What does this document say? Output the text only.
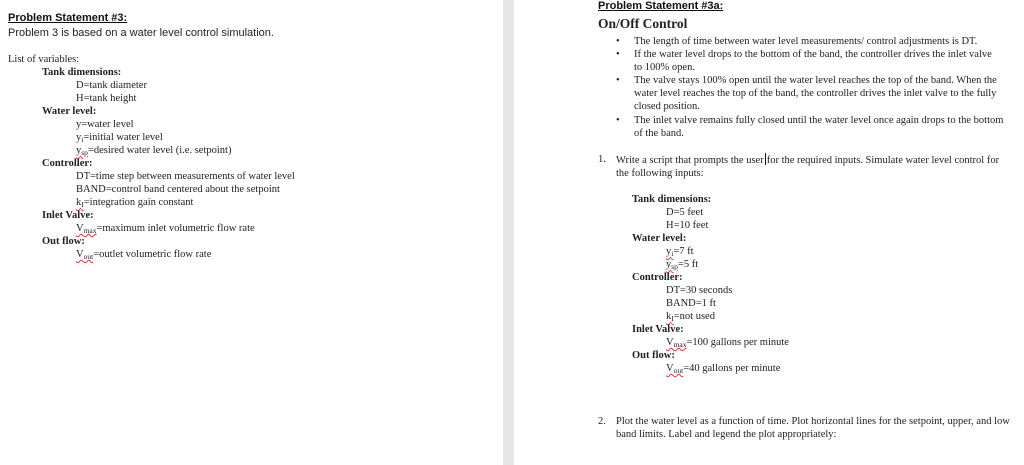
Problem Statement #3:
Problem 3 is based on a water level control simulation.
List of variables:
Tank dimensions:
D=tank diameter
H=tank height
Water level:
y=water level
$y_i=initial$ water level
$y_{sp}=desired$ water level (i.e. setpoint)
Controller:
DT=time step between measurements of water level
BAND=control band centered about the setpoint
$k_I=integration$ gain constant
Inlet Valve:
$V_{max}=maximum$ inlet volumetric flow rate
Out flow:
$V_{out}=outlet$ volumetric flow rate
Problem Statement #3a:
On/Off Control
• The length of time between water level measurements/ control adjustments is DT.
• If the water level drops to the bottom of the band, the controller drives the inlet valve to 100% open.
• The valve stays 100% open until the water level reaches the top of the band. When the water level reaches the top of the band, the controller drives the inlet valve to the fully closed position.
• The inlet valve remains fully closed until the water level once again drops to the bottom of the band.
1. Write a script that prompts the user for the required inputs. Simulate water level control for the following inputs:
Tank dimensions:
D=5 feet
H=10 feet
Water level:
$y_i=7$ ft
$y_{sp}=5$ ft
Controller:
DT=30 seconds
BAND=1 ft
$k_I=not$ used
Inlet Valve:
$V_{max}=100$ gallons per minute
Out flow:
$V_{out}=40$ gallons per minute
2. Plot the water level as a function of time. Plot horizontal lines for the setpoint, upper, and low band limits. Label and legend the plot appropriately:
